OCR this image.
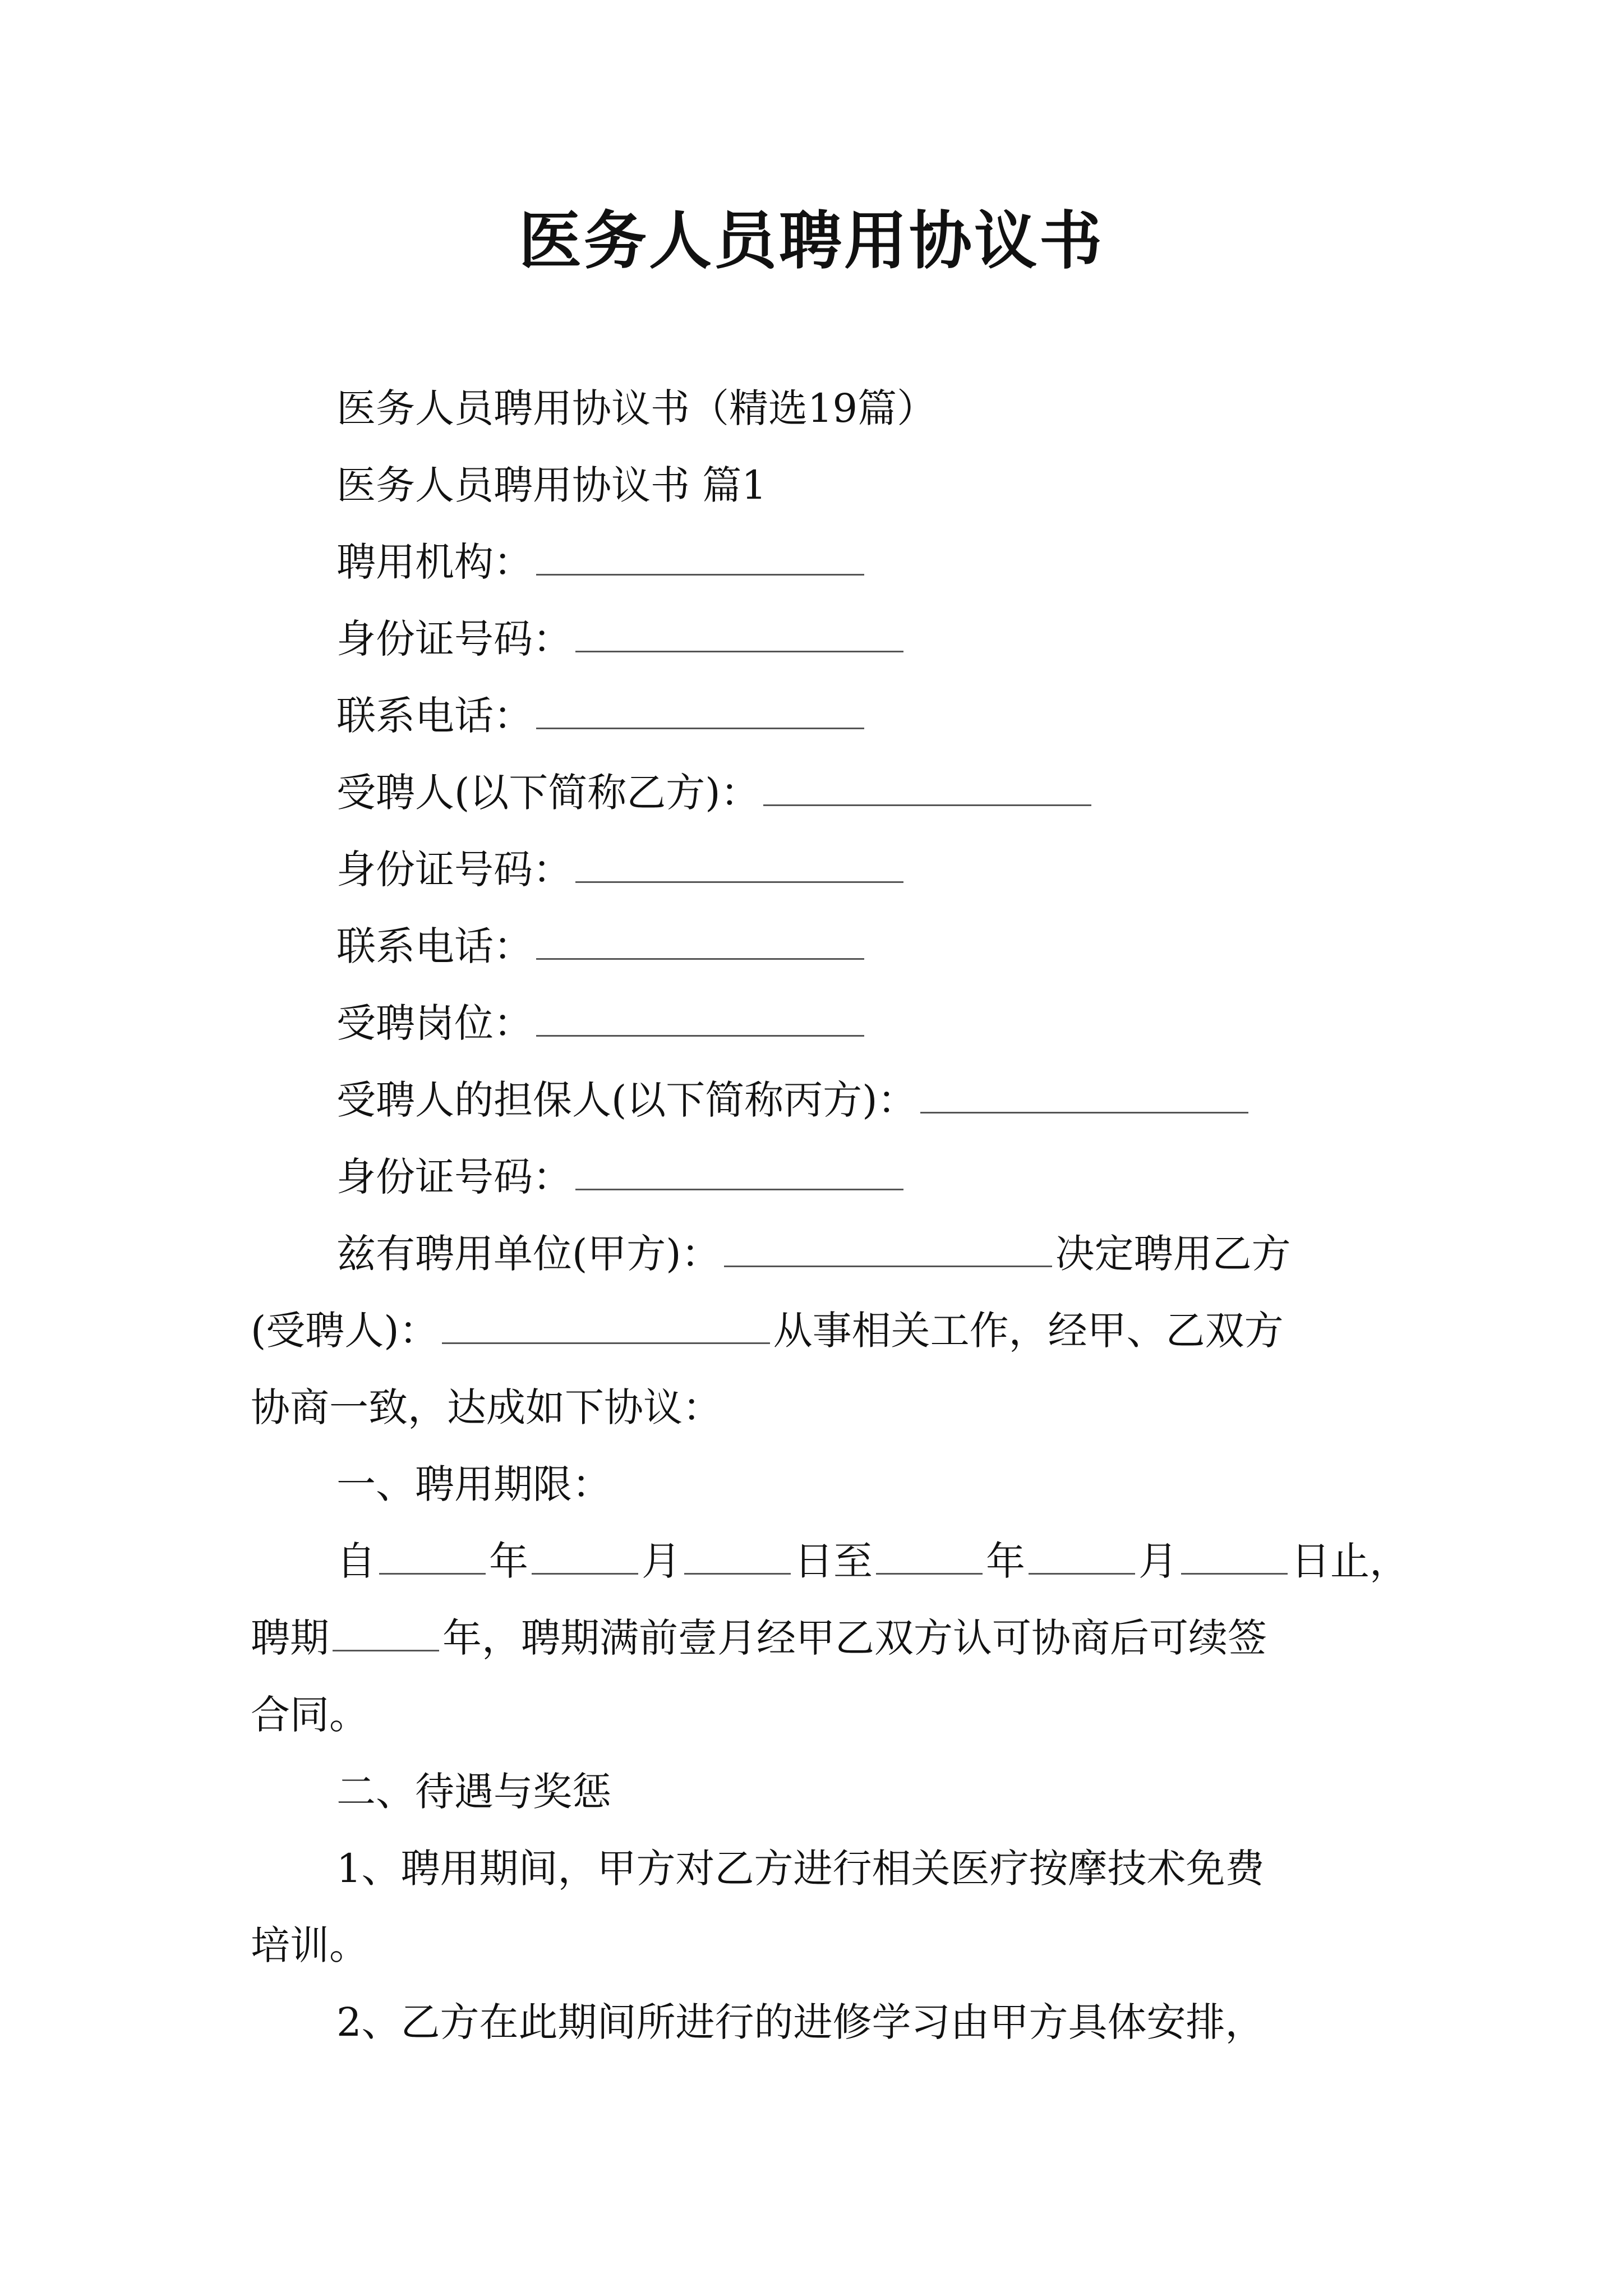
医务人员聘用协议书
医务人员聘用协议书（精选19篇）
医务人员聘用协议书 篇1
聘用机构：
身份证号码：
联系电话：
受聘人(以下简称乙方)：
身份证号码：
联系电话：
受聘岗位：
受聘人的担保人(以下简称丙方)：
身份证号码：
兹有聘用单位(甲方)：	决定聘用乙方
(受聘人)：	从事相关工作，经甲、乙双方
协商一致，达成如下协议：
一、聘用期限：
自	年	月	日至	年	月	日止，
聘期	年，聘期满前壹月经甲乙双方认可协商后可续签
合同。
二、待遇与奖惩
1、聘用期间，甲方对乙方进行相关医疗按摩技术免费
培训。
2、乙方在此期间所进行的进修学习由甲方具体安排，
